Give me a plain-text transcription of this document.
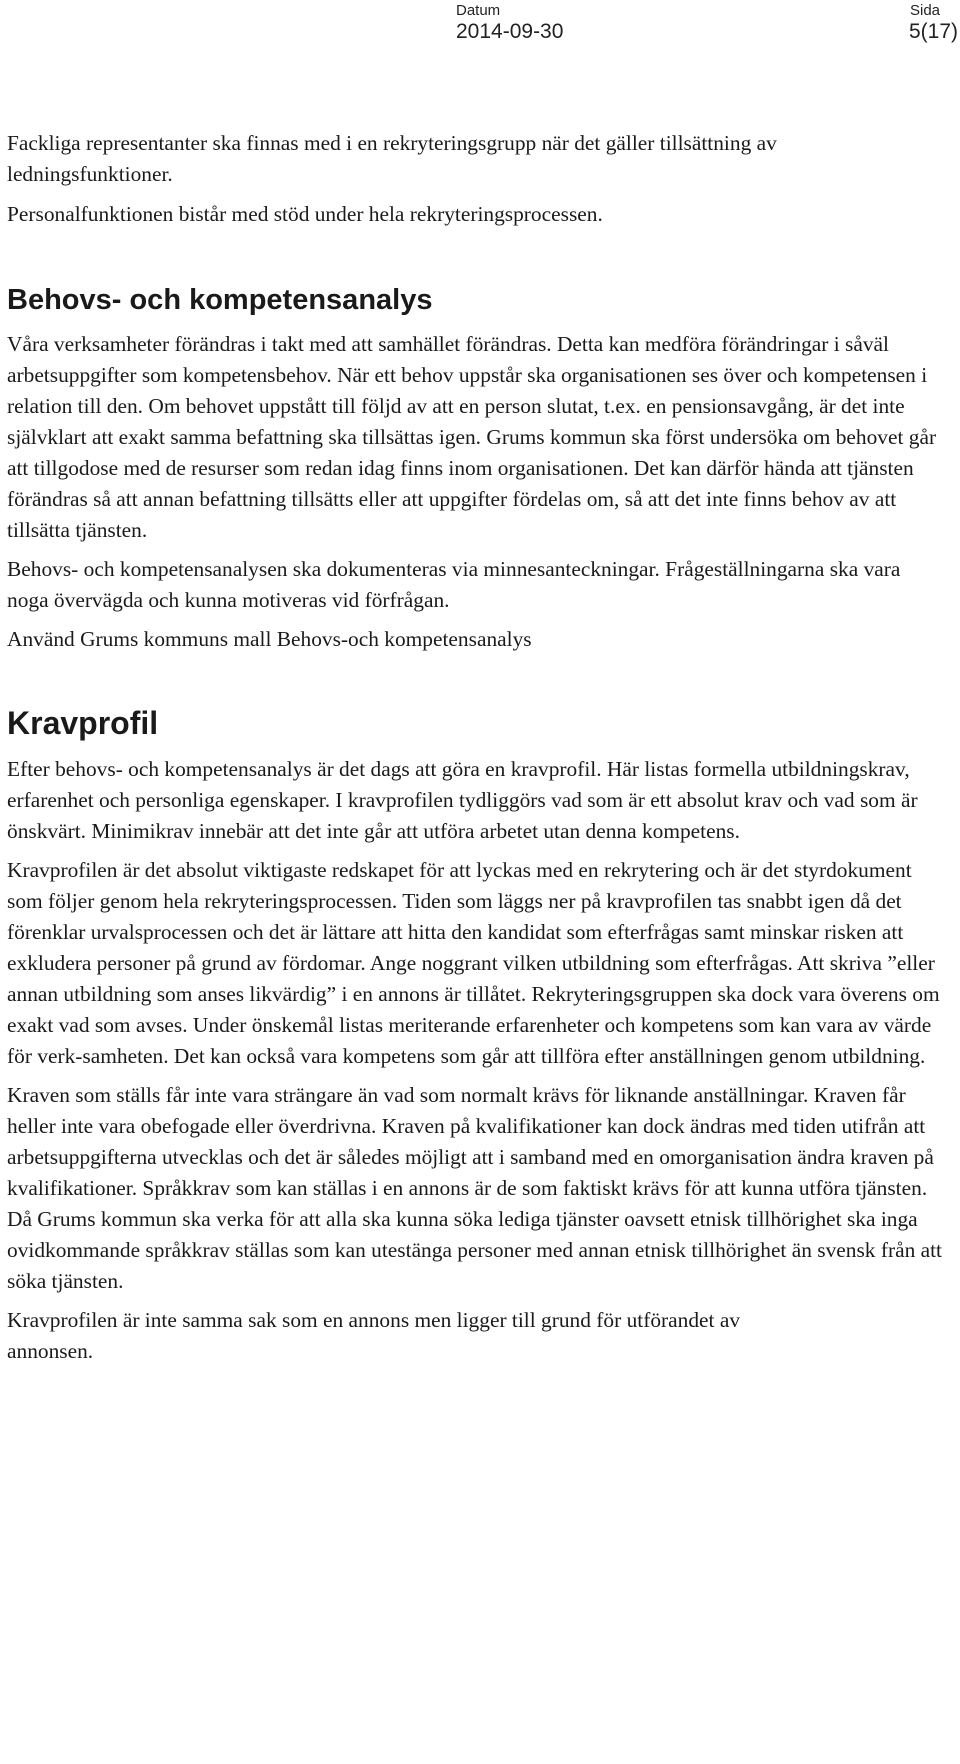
Datum
2014-09-30
Sida
5(17)

Fackliga representanter ska finnas med i en rekryteringsgrupp när det gäller tillsättning av ledningsfunktioner.

Personalfunktionen bistår med stöd under hela rekryteringsprocessen.

Behovs- och kompetensanalys

Våra verksamheter förändras i takt med att samhället förändras. Detta kan medföra förändringar i såväl arbetsuppgifter som kompetensbehov. När ett behov uppstår ska organisationen ses över och kompetensen i relation till den. Om behovet uppstått till följd av att en person slutat, t.ex. en pensionsavgång, är det inte självklart att exakt samma befattning ska tillsättas igen. Grums kommun ska först undersöka om behovet går att tillgodose med de resurser som redan idag finns inom organisationen. Det kan därför hända att tjänsten förändras så att annan befattning tillsätts eller att uppgifter fördelas om, så att det inte finns behov av att tillsätta tjänsten.

Behovs- och kompetensanalysen ska dokumenteras via minnesanteckningar. Frågeställningarna ska vara noga övervägda och kunna motiveras vid förfrågan.

Använd Grums kommuns mall Behovs-och kompetensanalys

Kravprofil

Efter behovs- och kompetensanalys är det dags att göra en kravprofil. Här listas formella utbildningskrav, erfarenhet och personliga egenskaper. I kravprofilen tydliggörs vad som är ett absolut krav och vad som är önskvärt. Minimikrav innebär att det inte går att utföra arbetet utan denna kompetens.

Kravprofilen är det absolut viktigaste redskapet för att lyckas med en rekrytering och är det styrdokument som följer genom hela rekryteringsprocessen. Tiden som läggs ner på kravprofilen tas snabbt igen då det förenklar urvalsprocessen och det är lättare att hitta den kandidat som efterfrågas samt minskar risken att exkludera personer på grund av fördomar. Ange noggrant vilken utbildning som efterfrågas. Att skriva ”eller annan utbildning som anses likvärdig” i en annons är tillåtet. Rekryteringsgruppen ska dock vara överens om exakt vad som avses. Under önskemål listas meriterande erfarenheter och kompetens som kan vara av värde för verk-samheten. Det kan också vara kompetens som går att tillföra efter anställningen genom utbildning.

Kraven som ställs får inte vara strängare än vad som normalt krävs för liknande anställningar. Kraven får heller inte vara obefogade eller överdrivna. Kraven på kvalifikationer kan dock ändras med tiden utifrån att arbetsuppgifterna utvecklas och det är således möjligt att i samband med en omorganisation ändra kraven på kvalifikationer. Språkkrav som kan ställas i en annons är de som faktiskt krävs för att kunna utföra tjänsten. Då Grums kommun ska verka för att alla ska kunna söka lediga tjänster oavsett etnisk tillhörighet ska inga ovidkommande språkkrav ställas som kan utestänga personer med annan etnisk tillhörighet än svensk från att söka tjänsten.

Kravprofilen är inte samma sak som en annons men ligger till grund för utförandet av annonsen.
